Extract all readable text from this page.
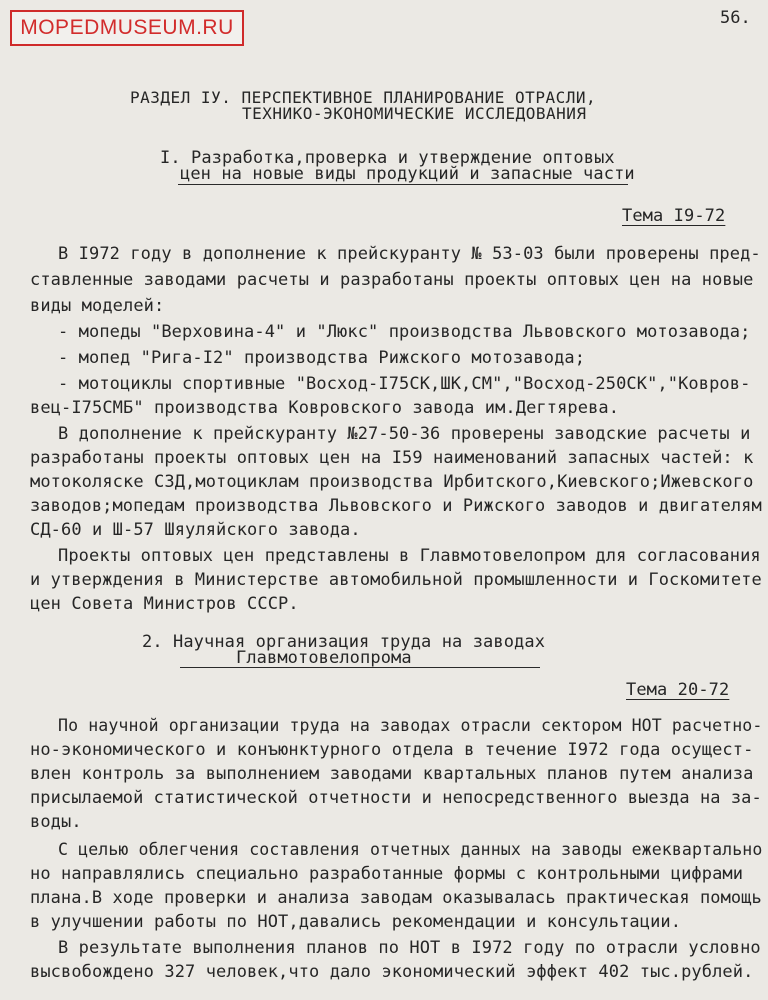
MOPEDMUSEUM.RU	56.
РАЗДЕЛ IУ. ПЕРСПЕКТИВНОЕ ПЛАНИРОВАНИЕ ОТРАСЛИ,
ТЕХНИКО-ЭКОНОМИЧЕСКИЕ ИССЛЕДОВАНИЯ
I. Разработка,проверка и утверждение оптовых
цен на новые виды продукций и запасные части
Тема I9-72
В I972 году в дополнение к прейскуранту № 53-03 были проверены пред-
ставленные заводами расчеты и разработаны проекты оптовых цен на новые
виды моделей:
- мопеды "Верховина-4" и "Люкс" производства Львовского мотозавода;
- мопед "Рига-I2" производства Рижского мотозавода;
- мотоциклы спортивные "Восход-I75СК,ШК,СМ","Восход-250СК","Ковров-
вец-I75СМБ" производства Ковровского завода им.Дегтярева.
В дополнение к прейскуранту №27-50-36 проверены заводские расчеты и
разработаны проекты оптовых цен на I59 наименований запасных частей: к
мотоколяске СЗД,мотоциклам производства Ирбитского,Киевского;Ижевского
заводов;мопедам производства Львовского и Рижского заводов и двигателям
СД-60 и Ш-57 Шяуляйского завода.
Проекты оптовых цен представлены в Главмотовелопром для согласования
и утверждения в Министерстве автомобильной промышленности и Госкомитете
цен Совета Министров СССР.
2. Научная организация труда на заводах
Главмотовелопрома
Тема 20-72
По научной организации труда на заводах отрасли сектором НОТ расчетно-
но-экономического и конъюнктурного отдела в течение I972 года осущест-
влен контроль за выполнением заводами квартальных планов путем анализа
присылаемой статистической отчетности и непосредственного выезда на за-
воды.
С целью облегчения составления отчетных данных на заводы ежеквартально
но направлялись специально разработанные формы с контрольными цифрами
плана.В ходе проверки и анализа заводам оказывалась практическая помощь
в улучшении работы по НОТ,давались рекомендации и консультации.
В результате выполнения планов по НОТ в I972 году по отрасли условно
высвобождено 327 человек,что дало экономический эффект 402 тыс.рублей.
